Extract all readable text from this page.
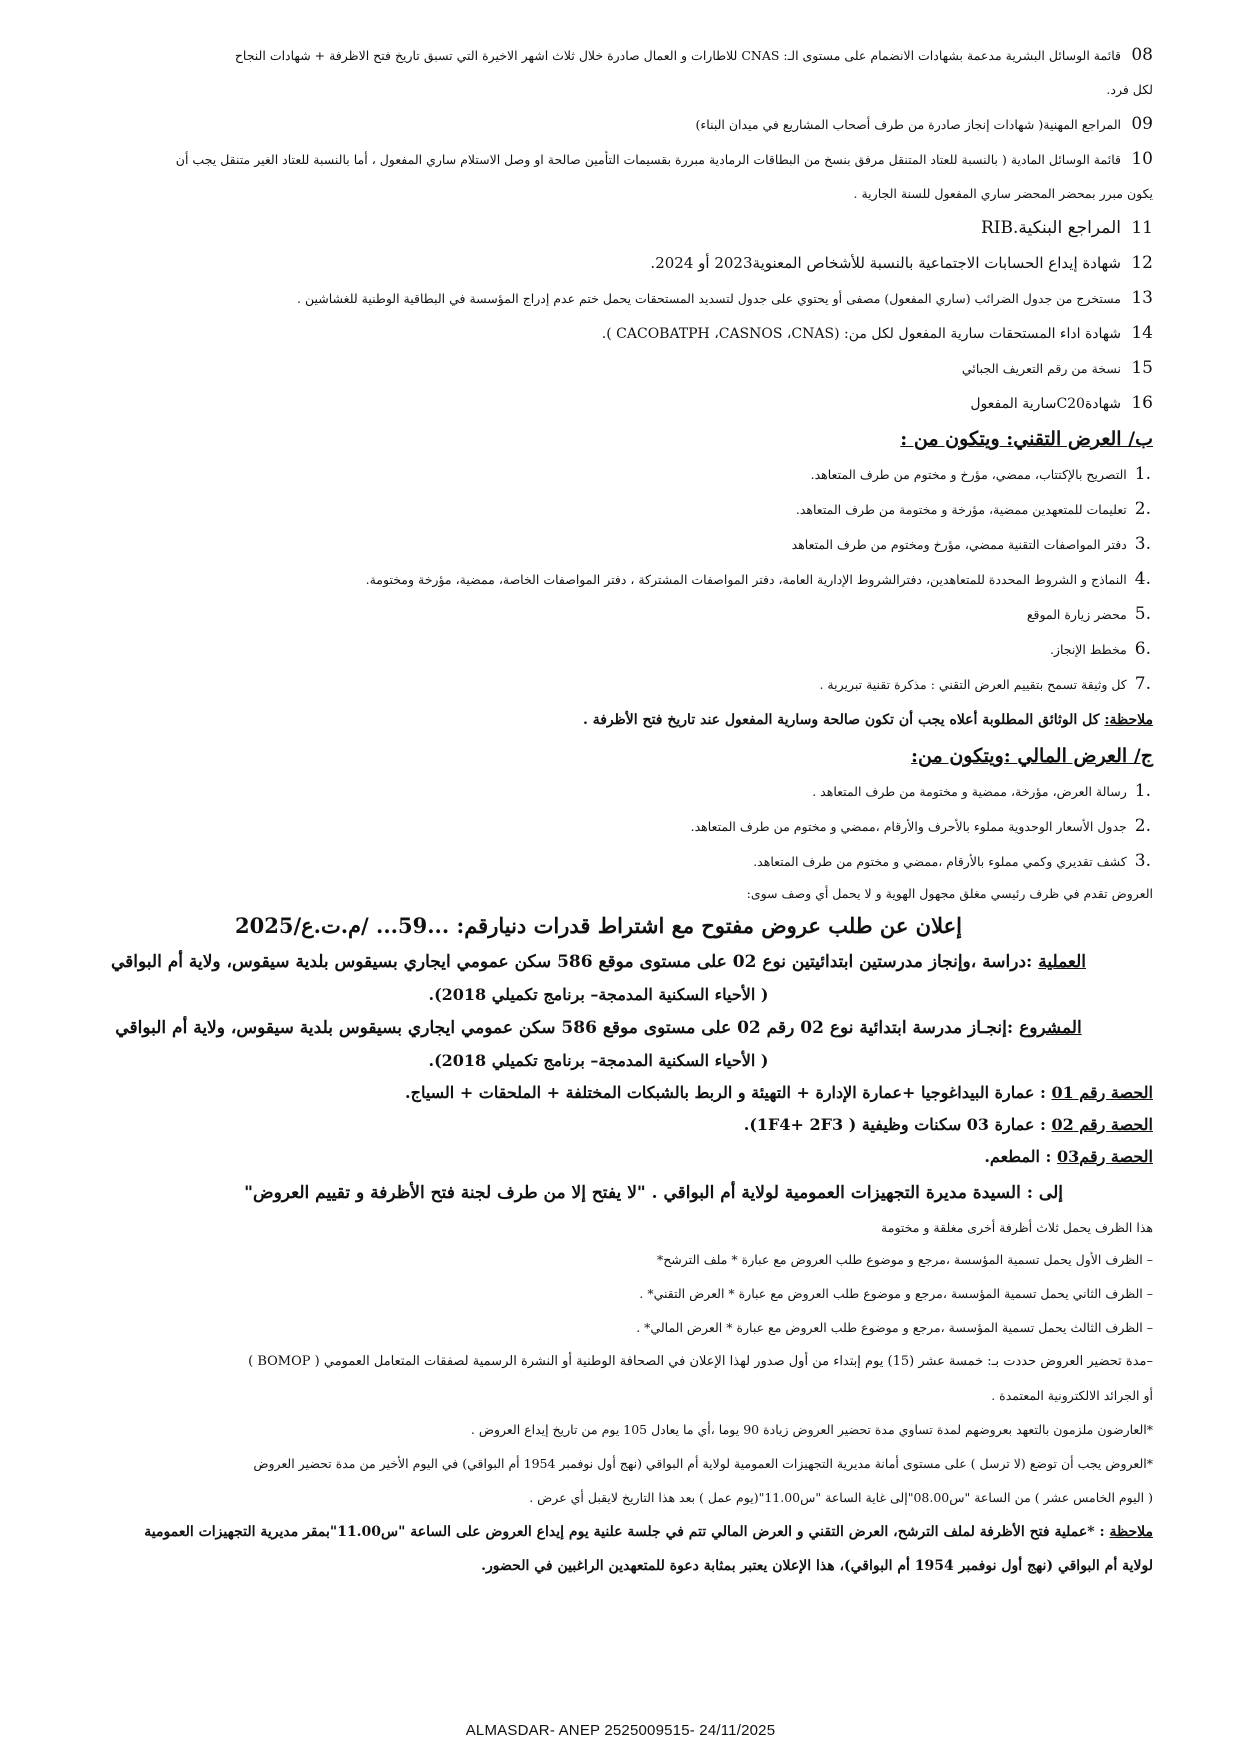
08قائمة الوسائل البشرية مدعمة بشهادات الانضمام على مستوى الـ: CNAS للاطارات و العمال صادرة خلال ثلاث اشهر الاخيرة التي تسبق تاريخ فتح الاظرفة + شهادات النجاح
لكل فرد.
09المراجع المهنية( شهادات إنجاز صادرة من طرف أصحاب المشاريع في ميدان البناء)
10قائمة الوسائل المادية ( بالنسبة للعتاد المتنقل مرفق بنسخ من البطاقات الرمادية مبررة بقسيمات التأمين صالحة او وصل الاستلام ساري المفعول ، أما بالنسبة للعتاد الغير متنقل يجب أن
يكون مبرر بمحضر المحضر ساري المفعول للسنة الجارية .
11المراجع البنكية.RIB
12شهادة إيداع الحسابات الاجتماعية بالنسبة للأشخاص المعنوية2023 أو 2024.
13مستخرج من جدول الضرائب (ساري المفعول) مصفى أو يحتوي على جدول لتسديد المستحقات يحمل ختم عدم إدراج المؤسسة في البطاقية الوطنية للغشاشين .
14شهادة اداء المستحقات سارية المفعول لكل من: (CACOBATPH ،CASNOS ،CNAS ).
15نسخة من رقم التعريف الجبائي
16شهادةC20سارية المفعول
ب/ العرض التقني: ويتكون من :
.1التصريح بالإكتتاب، ممضي، مؤرخ و مختوم من طرف المتعاهد.
.2تعليمات للمتعهدين ممضية، مؤرخة و مختومة من طرف المتعاهد.
.3دفتر المواصفات التقنية ممضي، مؤرخ ومختوم من طرف المتعاهد
.4النماذج و الشروط المحددة للمتعاهدين، دفترالشروط الإدارية العامة، دفتر المواصفات المشتركة ، دفتر المواصفات الخاصة، ممضية، مؤرخة ومختومة.
.5محضر زيارة الموقع
.6مخطط الإنجاز.
.7كل وثيقة تسمح بتقييم العرض التقني : مذكرة تقنية تبريرية .
ملاحظة: كل الوثائق المطلوبة أعلاه يجب أن تكون صالحة وسارية المفعول عند تاريخ فتح الأظرفة .
ج/ العرض المالي :ويتكون من:
.1رسالة العرض، مؤرخة، ممضية و مختومة من طرف المتعاهد .
.2جدول الأسعار الوحدوية مملوء بالأحرف والأرقام ،ممضي و مختوم من طرف المتعاهد.
.3كشف تقديري وكمي مملوء بالأرقام ،ممضي و مختوم من طرف المتعاهد.
العروض تقدم في ظرف رئيسي مغلق مجهول الهوية و لا يحمل أي وصف سوى:
إعلان عن طلب عروض مفتوح مع اشتراط قدرات دنيارقم: ...59... /م.ت.ع/2025
العملية :دراسة ،وإنجاز مدرستين ابتدائيتين نوع 02 على مستوى موقع 586 سكن عمومي ايجاري بسيقوس بلدية سيقوس، ولاية أم البواقي
( الأحياء السكنية المدمجة– برنامج تكميلي 2018).
المشروع :إنجـاز مدرسة ابتدائية نوع 02 رقم 02 على مستوى موقع 586 سكن عمومي ايجاري بسيقوس بلدية سيقوس، ولاية أم البواقي
( الأحياء السكنية المدمجة– برنامج تكميلي 2018).
الحصة رقم 01 : عمارة البيداغوجيا +عمارة الإدارة + التهيئة و الربط بالشبكات المختلفة + الملحقات + السياج.
الحصة رقم 02 : عمارة 03 سكنات وظيفية ( 1F4+ 2F3).
الحصة رقم03 : المطعم.
إلى : السيدة مديرة التجهيزات العمومية لولاية أم البواقي . "لا يفتح إلا من طرف لجنة فتح الأظرفة و تقييم العروض"
هذا الظرف يحمل ثلاث أظرفة أخرى مغلقة و مختومة
– الظرف الأول يحمل تسمية المؤسسة ،مرجع و موضوع طلب العروض مع عبارة * ملف الترشح*
– الظرف الثاني يحمل تسمية المؤسسة ،مرجع و موضوع طلب العروض مع عبارة * العرض التقني* .
– الظرف الثالث يحمل تسمية المؤسسة ،مرجع و موضوع طلب العروض مع عبارة * العرض المالي* .
–مدة تحضير العروض حددت بـ: خمسة عشر (15) يوم إبتداء من أول صدور لهذا الإعلان في الصحافة الوطنية أو النشرة الرسمية لصفقات المتعامل العمومي ( BOMOP )
أو الجرائد الالكترونية المعتمدة .
*العارضون ملزمون بالتعهد بعروضهم لمدة تساوي مدة تحضير العروض زيادة 90 يوما ،أي ما يعادل 105 يوم من تاريخ إيداع العروض .
*العروض يجب أن توضع (لا ترسل ) على مستوى أمانة مديرية التجهيزات العمومية لولاية أم البواقي (نهج أول نوفمبر 1954 أم البواقي) في اليوم الأخير من مدة تحضير العروض
( اليوم الخامس عشر ) من الساعة "س08.00"إلى غاية الساعة "س11.00"(يوم عمل ) بعد هذا التاريخ لايقبل أي عرض .
ملاحظة : *عملية فتح الأظرفة لملف الترشح، العرض التقني و العرض المالي تتم في جلسة علنية يوم إيداع العروض على الساعة "س11.00"بمقر مديرية التجهيزات العمومية
لولاية أم البواقي (نهج أول نوفمبر 1954 أم البواقي)، هذا الإعلان يعتبر بمثابة دعوة للمتعهدين الراغبين في الحضور.
ALMASDAR- ANEP 2525009515- 24/11/2025
